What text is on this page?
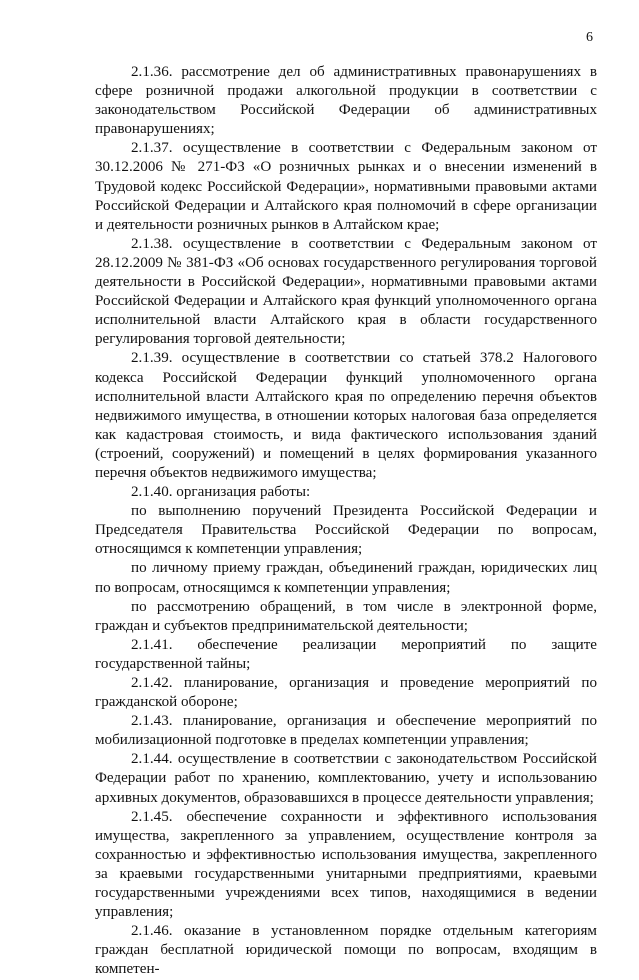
6

2.1.36. рассмотрение дел об административных правонарушениях в сфере розничной продажи алкогольной продукции в соответствии с законодательством Российской Федерации об административных правонарушениях;

2.1.37. осуществление в соответствии с Федеральным законом от 30.12.2006 № 271-ФЗ «О розничных рынках и о внесении изменений в Трудовой кодекс Российской Федерации», нормативными правовыми актами Российской Федерации и Алтайского края полномочий в сфере организации и деятельности розничных рынков в Алтайском крае;

2.1.38. осуществление в соответствии с Федеральным законом от 28.12.2009 № 381-ФЗ «Об основах государственного регулирования торговой деятельности в Российской Федерации», нормативными правовыми актами Российской Федерации и Алтайского края функций уполномоченного органа исполнительной власти Алтайского края в области государственного регулирования торговой деятельности;

2.1.39. осуществление в соответствии со статьей 378.2 Налогового кодекса Российской Федерации функций уполномоченного органа исполнительной власти Алтайского края по определению перечня объектов недвижимого имущества, в отношении которых налоговая база определяется как кадастровая стоимость, и вида фактического использования зданий (строений, сооружений) и помещений в целях формирования указанного перечня объектов недвижимого имущества;

2.1.40. организация работы:

по выполнению поручений Президента Российской Федерации и Председателя Правительства Российской Федерации по вопросам, относящимся к компетенции управления;

по личному приему граждан, объединений граждан, юридических лиц по вопросам, относящимся к компетенции управления;

по рассмотрению обращений, в том числе в электронной форме, граждан и субъектов предпринимательской деятельности;

2.1.41. обеспечение реализации мероприятий по защите государственной тайны;

2.1.42. планирование, организация и проведение мероприятий по гражданской обороне;

2.1.43. планирование, организация и обеспечение мероприятий по мобилизационной подготовке в пределах компетенции управления;

2.1.44. осуществление в соответствии с законодательством Российской Федерации работ по хранению, комплектованию, учету и использованию архивных документов, образовавшихся в процессе деятельности управления;

2.1.45. обеспечение сохранности и эффективного использования имущества, закрепленного за управлением, осуществление контроля за сохранностью и эффективностью использования имущества, закрепленного за краевыми государственными унитарными предприятиями, краевыми государственными учреждениями всех типов, находящимися в ведении управления;

2.1.46. оказание в установленном порядке отдельным категориям граждан бесплатной юридической помощи по вопросам, входящим в компетен-
